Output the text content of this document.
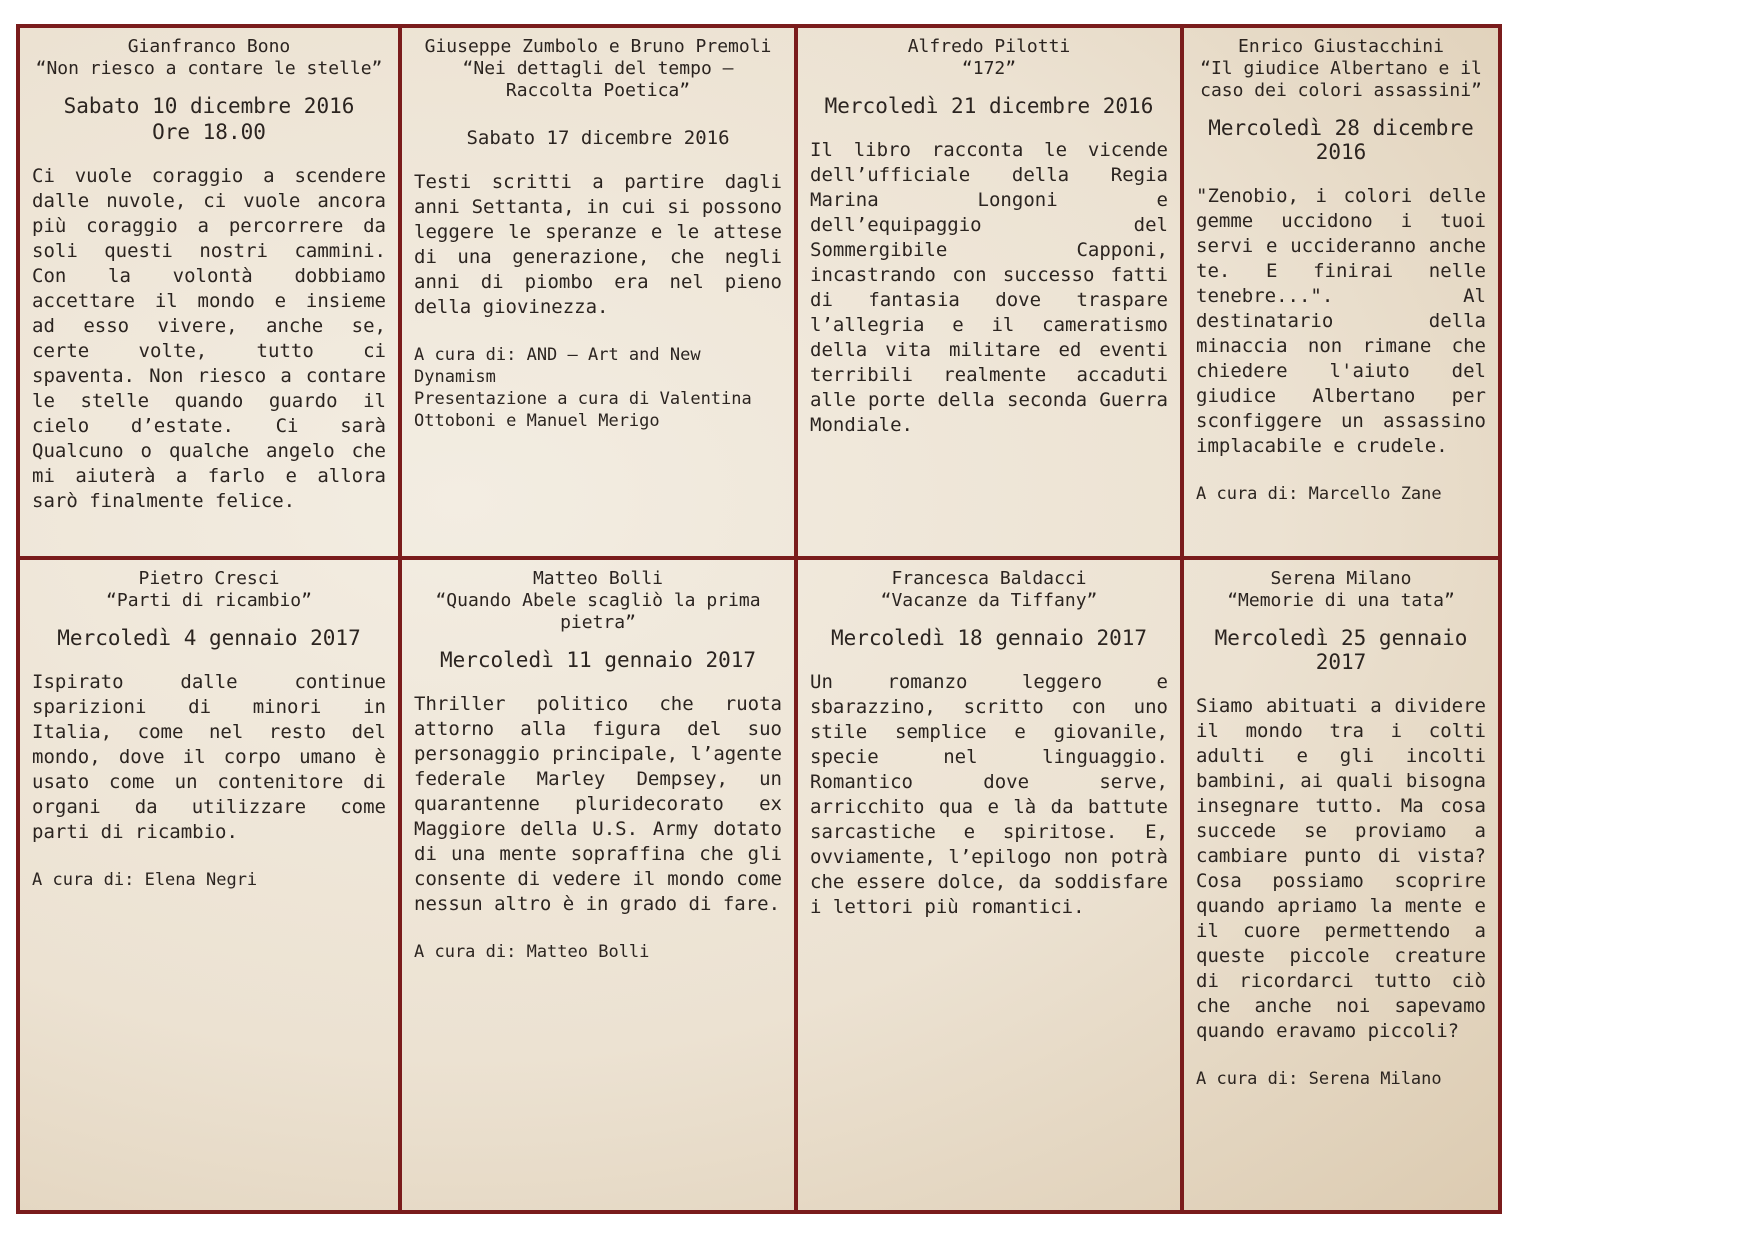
Gianfranco Bono
“Non riesco a contare le stelle”
Sabato 10 dicembre 2016
Ore 18.00
Ci vuole coraggio a scendere dalle nuvole, ci vuole ancora più coraggio a percorrere da soli questi nostri cammini. Con la volontà dobbiamo accettare il mondo e insieme ad esso vivere, anche se, certe volte, tutto ci spaventa. Non riesco a contare le stelle quando guardo il cielo d’estate. Ci sarà Qualcuno o qualche angelo che mi aiuterà a farlo e allora sarò finalmente felice.
Giuseppe Zumbolo e Bruno Premoli
“Nei dettagli del tempo – Raccolta Poetica”
Sabato 17 dicembre 2016
Testi scritti a partire dagli anni Settanta, in cui si possono leggere le speranze e le attese di una generazione, che negli anni di piombo era nel pieno della giovinezza.
A cura di: AND – Art and New Dynamism
Presentazione a cura di Valentina Ottoboni e Manuel Merigo
Alfredo Pilotti
“172”
Mercoledì 21 dicembre 2016
Il libro racconta le vicende dell’ufficiale della Regia Marina Longoni e dell’equipaggio del Sommergibile Capponi, incastrando con successo fatti di fantasia dove traspare l’allegria e il cameratismo della vita militare ed eventi terribili realmente accaduti alle porte della seconda Guerra Mondiale.
Enrico Giustacchini
“Il giudice Albertano e il caso dei colori assassini”
Mercoledì 28 dicembre 2016
"Zenobio, i colori delle gemme uccidono i tuoi servi e uccideranno anche te. E finirai nelle tenebre...". Al destinatario della minaccia non rimane che chiedere l'aiuto del giudice Albertano per sconfiggere un assassino implacabile e crudele.
A cura di: Marcello Zane
Pietro Cresci
“Parti di ricambio”
Mercoledì 4 gennaio 2017
Ispirato dalle continue sparizioni di minori in Italia, come nel resto del mondo, dove il corpo umano è usato come un contenitore di organi da utilizzare come parti di ricambio.
A cura di: Elena Negri
Matteo Bolli
“Quando Abele scagliò la prima pietra”
Mercoledì 11 gennaio 2017
Thriller politico che ruota attorno alla figura del suo personaggio principale, l’agente federale Marley Dempsey, un quarantenne pluridecorato ex Maggiore della U.S. Army dotato di una mente sopraffina che gli consente di vedere il mondo come nessun altro è in grado di fare.
A cura di: Matteo Bolli
Francesca Baldacci
“Vacanze da Tiffany”
Mercoledì 18 gennaio 2017
Un romanzo leggero e sbarazzino, scritto con uno stile semplice e giovanile, specie nel linguaggio. Romantico dove serve, arricchito qua e là da battute sarcastiche e spiritose. E, ovviamente, l’epilogo non potrà che essere dolce, da soddisfare i lettori più romantici.
Serena Milano
“Memorie di una tata”
Mercoledì 25 gennaio 2017
Siamo abituati a dividere il mondo tra i colti adulti e gli incolti bambini, ai quali bisogna insegnare tutto. Ma cosa succede se proviamo a cambiare punto di vista? Cosa possiamo scoprire quando apriamo la mente e il cuore permettendo a queste piccole creature di ricordarci tutto ciò che anche noi sapevamo quando eravamo piccoli?
A cura di: Serena Milano
